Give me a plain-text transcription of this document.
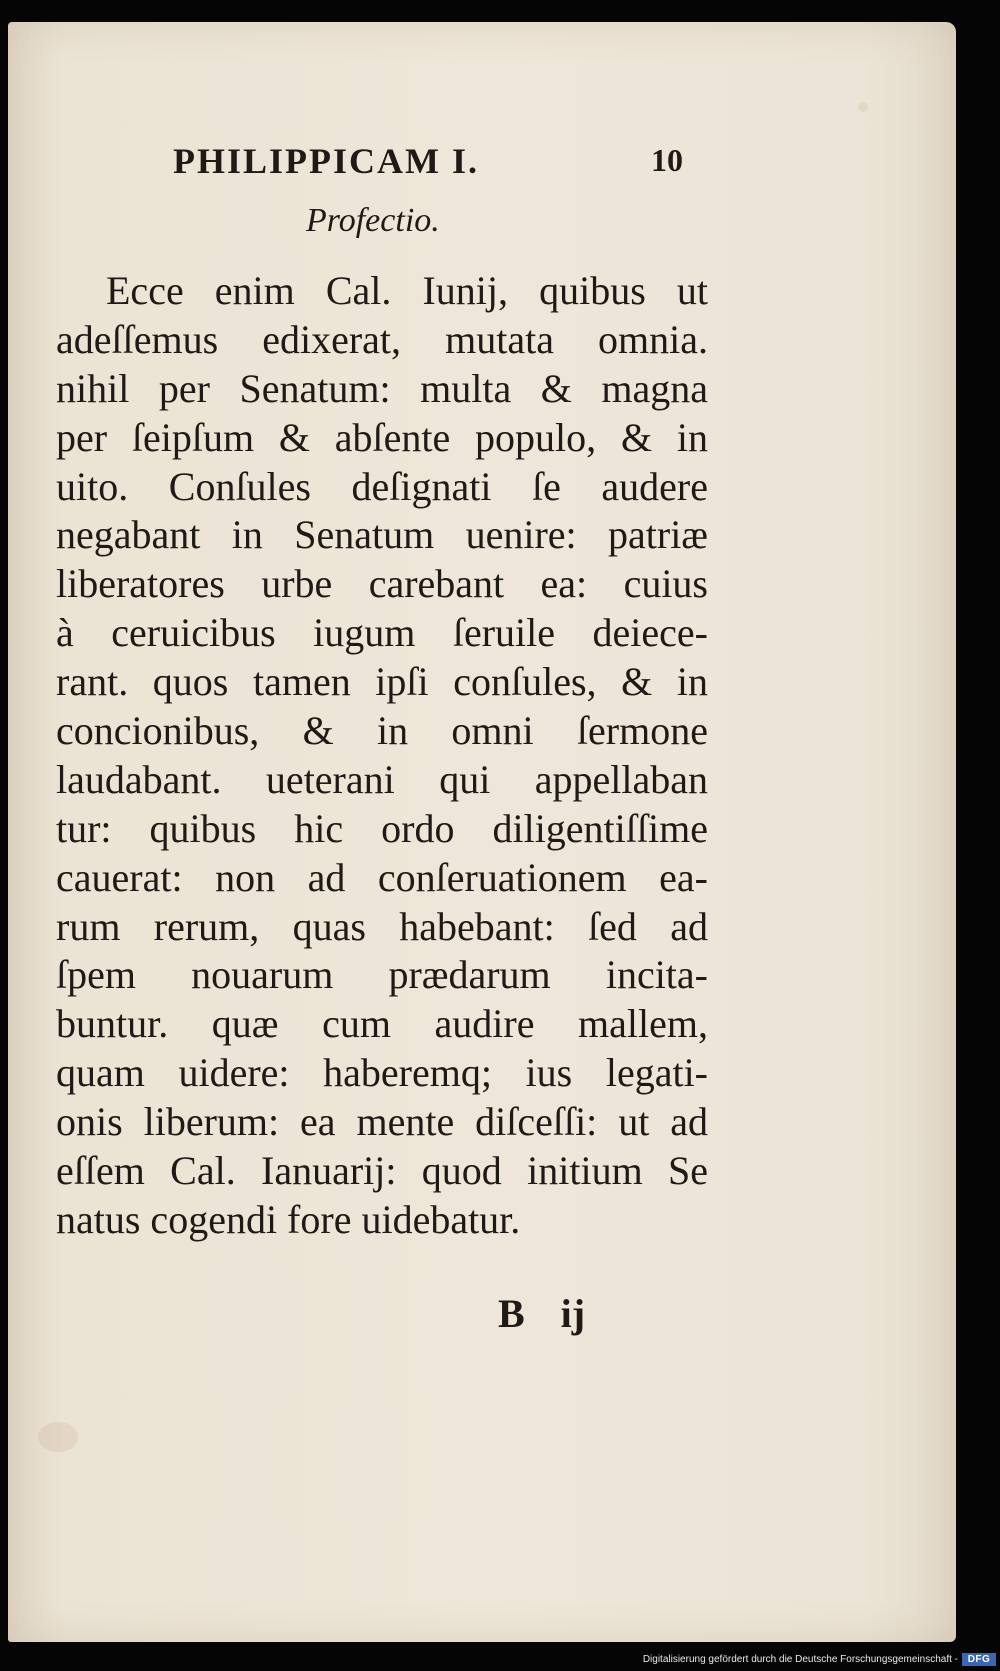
PHILIPPICAM I.	10
Profectio.
Ecce enim Cal. Iunij, quibus ut
adeſſemus edixerat, mutata omnia.
nihil per Senatum: multa & magna
per ſeipſum & abſente populo, & in
uito. Conſules deſignati ſe audere
negabant in Senatum uenire: patriæ
liberatores urbe carebant ea: cuius
à ceruicibus iugum ſeruile deiece-
rant. quos tamen ipſi conſules, & in
concionibus, & in omni ſermone
laudabant. ueterani qui appellaban
tur: quibus hic ordo diligentiſſime
cauerat: non ad conſeruationem ea-
rum rerum, quas habebant: ſed ad
ſpem nouarum prædarum incita-
buntur. quæ cum audire mallem,
quam uidere: haberemq; ius legati-
onis liberum: ea mente diſceſſi: ut ad
eſſem Cal. Ianuarij: quod initium Se
natus cogendi fore uidebatur.
B ij
Digitalisierung gefördert durch die Deutsche Forschungsgemeinschaft - DFG
